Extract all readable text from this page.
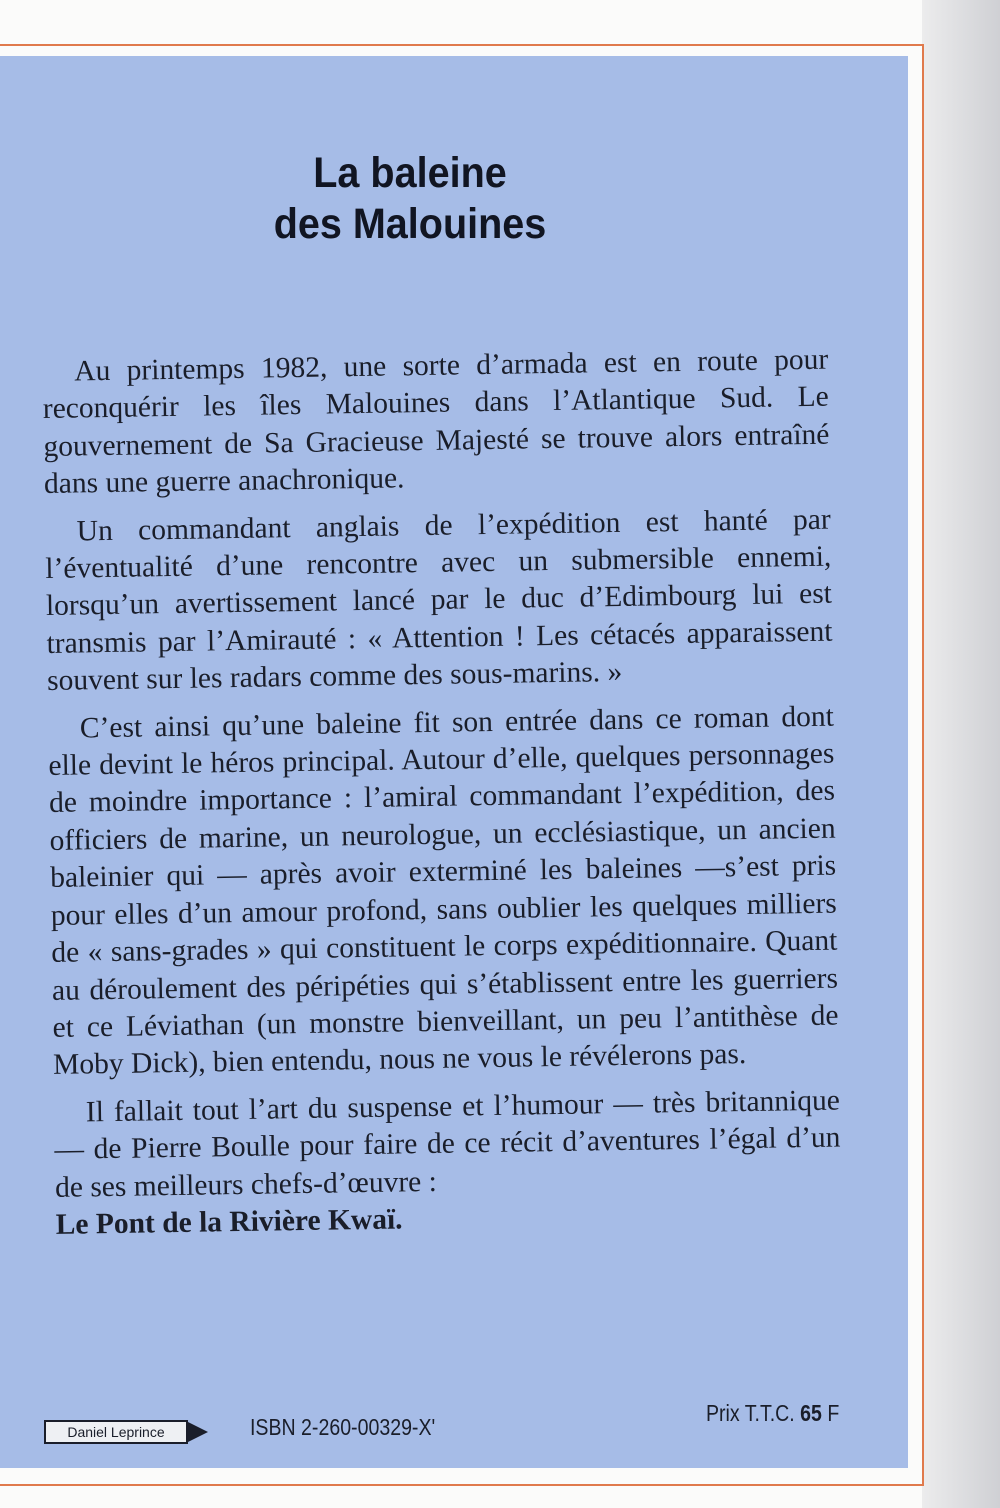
La baleine
des Malouines

Au printemps 1982, une sorte d’armada est en route pour reconquérir les îles Malouines dans l’Atlantique Sud. Le gouvernement de Sa Gracieuse Majesté se trouve alors entraîné dans une guerre anachronique.

Un commandant anglais de l’expédition est hanté par l’éventualité d’une rencontre avec un submersible ennemi, lorsqu’un avertissement lancé par le duc d’Edimbourg lui est transmis par l’Amirauté : « Attention ! Les cétacés apparaissent souvent sur les radars comme des sous-marins. »

C’est ainsi qu’une baleine fit son entrée dans ce roman dont elle devint le héros principal. Autour d’elle, quelques personnages de moindre importance : l’amiral commandant l’expédition, des officiers de marine, un neurologue, un ecclésiastique, un ancien baleinier qui — après avoir exterminé les baleines —s’est pris pour elles d’un amour profond, sans oublier les quelques milliers de « sans-grades » qui constituent le corps expéditionnaire. Quant au déroulement des péripéties qui s’établissent entre les guerriers et ce Léviathan (un monstre bienveillant, un peu l’antithèse de Moby Dick), bien entendu, nous ne vous le révélerons pas.

Il fallait tout l’art du suspense et l’humour — très britannique — de Pierre Boulle pour faire de ce récit d’aventures l’égal d’un de ses meilleurs chefs-d’œuvre :
Le Pont de la Rivière Kwaï.

Daniel Leprince	ISBN 2-260-00329-X'
Prix T.T.C. 65 F
